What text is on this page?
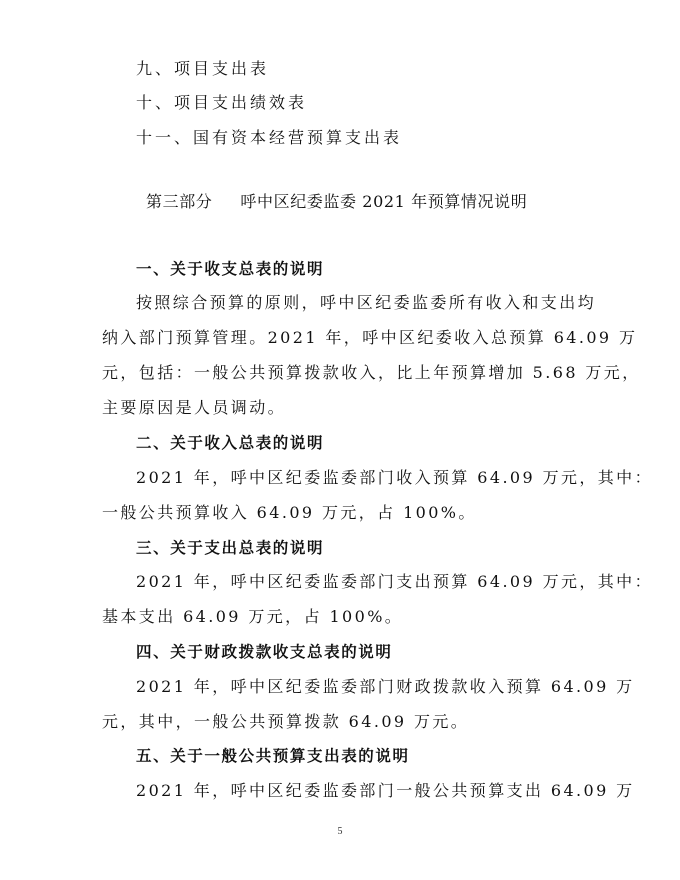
九、项目支出表
十、项目支出绩效表
十一、国有资本经营预算支出表
第三部分 呼中区纪委监委 2021 年预算情况说明
一、关于收支总表的说明
按照综合预算的原则，呼中区纪委监委所有收入和支出均
纳入部门预算管理。2021 年，呼中区纪委收入总预算 64.09 万
元，包括：一般公共预算拨款收入，比上年预算增加 5.68 万元，
主要原因是人员调动。
二、关于收入总表的说明
2021 年，呼中区纪委监委部门收入预算 64.09 万元，其中：
一般公共预算收入 64.09 万元，占 100%。
三、关于支出总表的说明
2021 年，呼中区纪委监委部门支出预算 64.09 万元，其中：
基本支出 64.09 万元，占 100%。
四、关于财政拨款收支总表的说明
2021 年，呼中区纪委监委部门财政拨款收入预算 64.09 万
元，其中，一般公共预算拨款 64.09 万元。
五、关于一般公共预算支出表的说明
2021 年，呼中区纪委监委部门一般公共预算支出 64.09 万
5
